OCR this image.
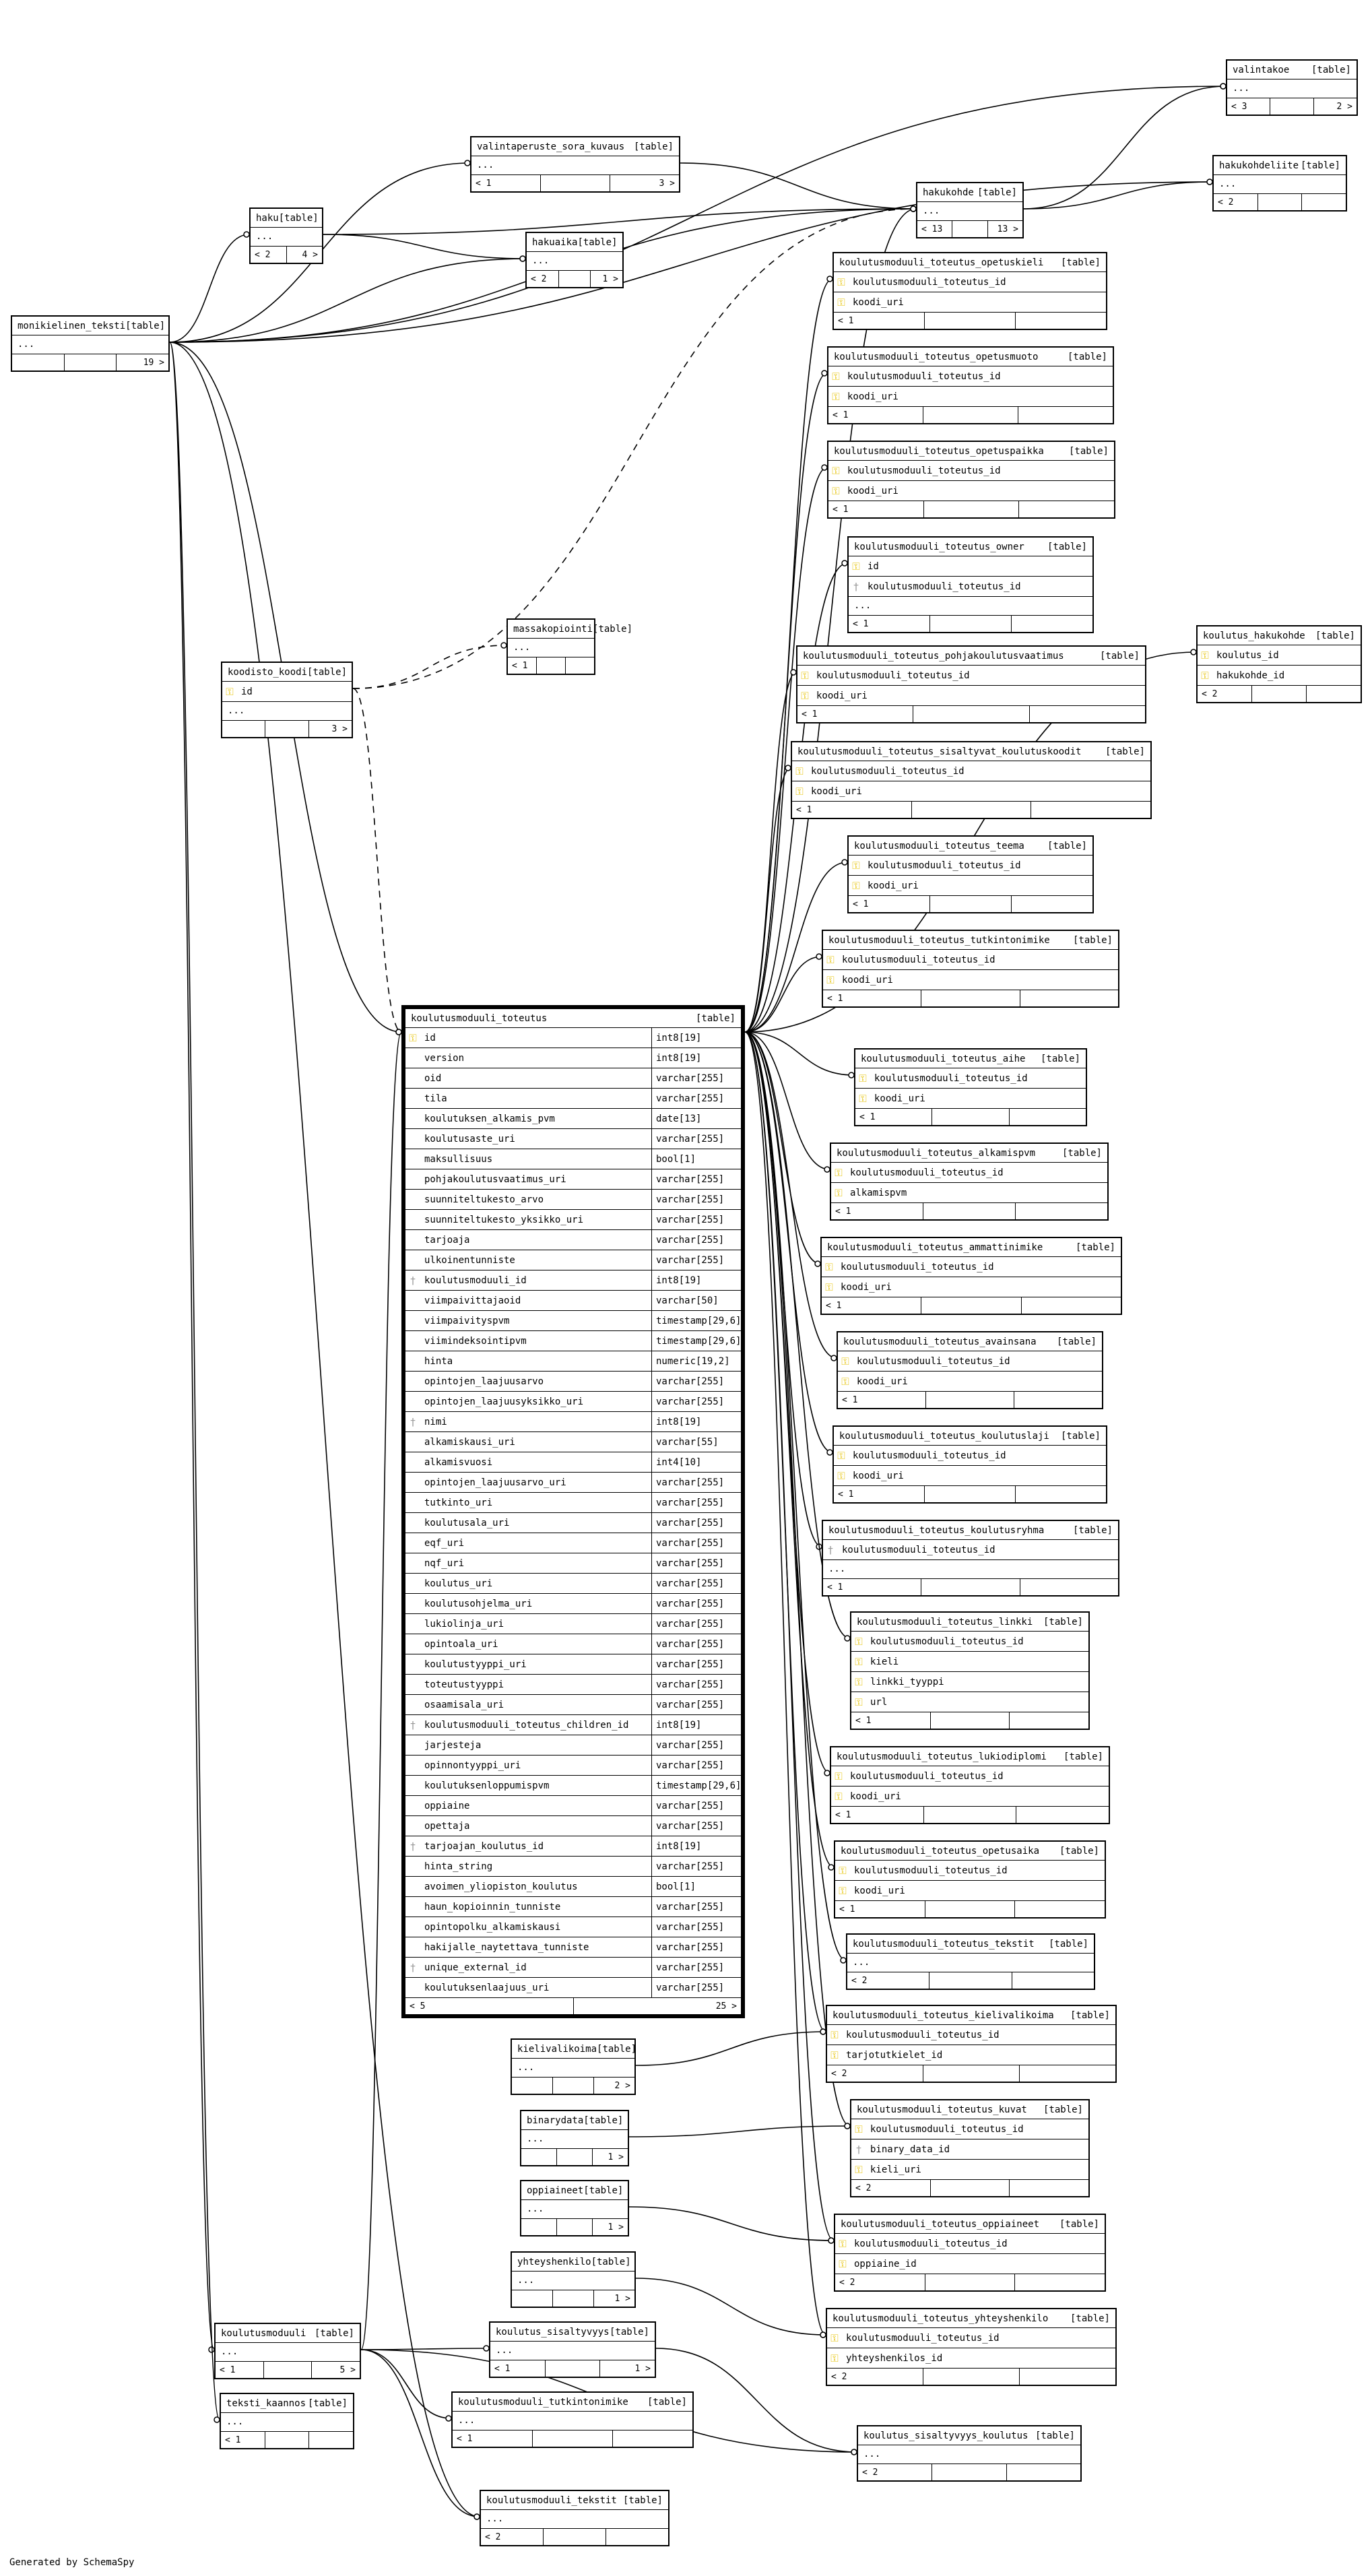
valintakoe [table]
...
< 3	2 >
valintaperuste_sora_kuvaus [table]
...
< 1	3 >
hakukohdeliite [table]
...
< 2
haku [table]
...
< 2	4 >
hakukohde [table]
...
< 13	13 >
hakuaika [table]
...
< 2	1 >
monikielinen_teksti [table]
...
19 >
koulutusmoduuli_toteutus_opetuskieli [table]
⚿ koulutusmoduuli_toteutus_id
⚿ koodi_uri
< 1
koulutusmoduuli_toteutus_opetusmuoto	[table]
⚿ koulutusmoduuli_toteutus_id
⚿ koodi_uri
< 1
koulutusmoduuli_toteutus_opetuspaikka	[table]
⚿ koulutusmoduuli_toteutus_id
⚿ koodi_uri
< 1
koulutusmoduuli_toteutus_owner [table]
⚿ id
† koulutusmoduuli_toteutus_id
...
< 1
massakopiointi [table]
...
< 1
koodisto_koodi [table]
⚿ id
...
3 >
koulutusmoduuli_toteutus_pohjakoulutusvaatimus	[table]
⚿ koulutusmoduuli_toteutus_id
⚿ koodi_uri
< 1
koulutus_hakukohde [table]
⚿ koulutus_id
⚿ hakukohde_id
< 2
koulutusmoduuli_toteutus_sisaltyvat_koulutuskoodit	[table]
⚿ koulutusmoduuli_toteutus_id
⚿ koodi_uri
< 1
koulutusmoduuli_toteutus_teema [table]
⚿ koulutusmoduuli_toteutus_id
⚿ koodi_uri
< 1
koulutusmoduuli_toteutus_tutkintonimike [table]
⚿ koulutusmoduuli_toteutus_id
⚿ koodi_uri
< 1
koulutusmoduuli_toteutus_aihe [table]
⚿ koulutusmoduuli_toteutus_id
⚿ koodi_uri
< 1
koulutusmoduuli_toteutus_alkamispvm	[table]
⚿ koulutusmoduuli_toteutus_id
⚿ alkamispvm
< 1
koulutusmoduuli_toteutus_ammattinimike	[table]
⚿ koulutusmoduuli_toteutus_id
⚿ koodi_uri
< 1
koulutusmoduuli_toteutus_avainsana [table]
⚿ koulutusmoduuli_toteutus_id
⚿ koodi_uri
< 1
koulutusmoduuli_toteutus_koulutuslaji [table]
⚿ koulutusmoduuli_toteutus_id
⚿ koodi_uri
< 1
koulutusmoduuli_toteutus_koulutusryhma	[table]
† koulutusmoduuli_toteutus_id
...
< 1
koulutusmoduuli_toteutus_linkki [table]
⚿ koulutusmoduuli_toteutus_id
⚿ kieli
⚿ linkki_tyyppi
⚿ url
< 1
koulutusmoduuli_toteutus_lukiodiplomi [table]
⚿ koulutusmoduuli_toteutus_id
⚿ koodi_uri
< 1
koulutusmoduuli_toteutus_opetusaika [table]
⚿ koulutusmoduuli_toteutus_id
⚿ koodi_uri
< 1
koulutusmoduuli_toteutus_tekstit [table]
...
< 2
koulutusmoduuli_toteutus_kielivalikoima [table]
⚿ koulutusmoduuli_toteutus_id
⚿ tarjotutkielet_id
< 2
kielivalikoima [table]
...
2 >
binarydata [table]
...
1 >
koulutusmoduuli_toteutus_kuvat [table]
⚿ koulutusmoduuli_toteutus_id
† binary_data_id
⚿ kieli_uri
< 2
oppiaineet [table]
...
1 >	koulutusmoduuli_toteutus_oppiaineet [table]
⚿ koulutusmoduuli_toteutus_id
⚿ oppiaine_id
< 2
yhteyshenkilo [table]
...
1 >
koulutusmoduuli_toteutus_yhteyshenkilo [table]
⚿ koulutusmoduuli_toteutus_id
⚿ yhteyshenkilos_id
< 2
koulutusmoduuli [table]
...
< 1	5 >
koulutus_sisaltyvyys [table]
...
< 1	1 >
teksti_kaannos [table]
...
< 1
koulutusmoduuli_tutkintonimike [table]
...
< 1	koulutus_sisaltyvyys_koulutus [table]
...
< 2
koulutusmoduuli_tekstit [table]
...
< 2
koulutusmoduuli_toteutus	[table]
⚿ id	int8[19]
version	int8[19]
oid	varchar[255]
tila	varchar[255]
koulutuksen_alkamis_pvm	date[13]
koulutusaste_uri	varchar[255]
maksullisuus	bool[1]
pohjakoulutusvaatimus_uri	varchar[255]
suunniteltukesto_arvo	varchar[255]
suunniteltukesto_yksikko_uri	varchar[255]
tarjoaja	varchar[255]
ulkoinentunniste	varchar[255]
† koulutusmoduuli_id	int8[19]
viimpaivittajaoid	varchar[50]
viimpaivityspvm	timestamp[29,6]
viimindeksointipvm	timestamp[29,6]
hinta	numeric[19,2]
opintojen_laajuusarvo	varchar[255]
opintojen_laajuusyksikko_uri	varchar[255]
† nimi	int8[19]
alkamiskausi_uri	varchar[55]
alkamisvuosi	int4[10]
opintojen_laajuusarvo_uri	varchar[255]
tutkinto_uri	varchar[255]
koulutusala_uri	varchar[255]
eqf_uri	varchar[255]
nqf_uri	varchar[255]
koulutus_uri	varchar[255]
koulutusohjelma_uri	varchar[255]
lukiolinja_uri	varchar[255]
opintoala_uri	varchar[255]
koulutustyyppi_uri	varchar[255]
toteutustyyppi	varchar[255]
osaamisala_uri	varchar[255]
† koulutusmoduuli_toteutus_children_id	int8[19]
jarjesteja	varchar[255]
opinnontyyppi_uri	varchar[255]
koulutuksenloppumispvm	timestamp[29,6]
oppiaine	varchar[255]
opettaja	varchar[255]
† tarjoajan_koulutus_id	int8[19]
hinta_string	varchar[255]
avoimen_yliopiston_koulutus	bool[1]
haun_kopioinnin_tunniste	varchar[255]
opintopolku_alkamiskausi	varchar[255]
hakijalle_naytettava_tunniste	varchar[255]
† unique_external_id	varchar[255]
koulutuksenlaajuus_uri	varchar[255]
< 5	25 >
Generated by SchemaSpy
